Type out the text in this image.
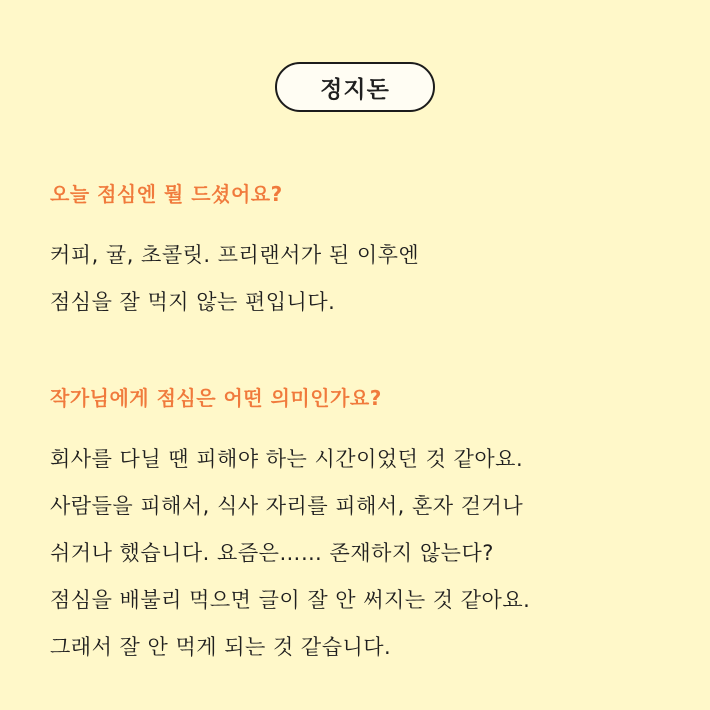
정지돈
오늘 점심엔 뭘 드셨어요?
커피, 귤, 초콜릿. 프리랜서가 된 이후엔
점심을 잘 먹지 않는 편입니다.
작가님에게 점심은 어떤 의미인가요?
회사를 다닐 땐 피해야 하는 시간이었던 것 같아요.
사람들을 피해서, 식사 자리를 피해서, 혼자 걷거나
쉬거나 했습니다. 요즘은…… 존재하지 않는다?
점심을 배불리 먹으면 글이 잘 안 써지는 것 같아요.
그래서 잘 안 먹게 되는 것 같습니다.
